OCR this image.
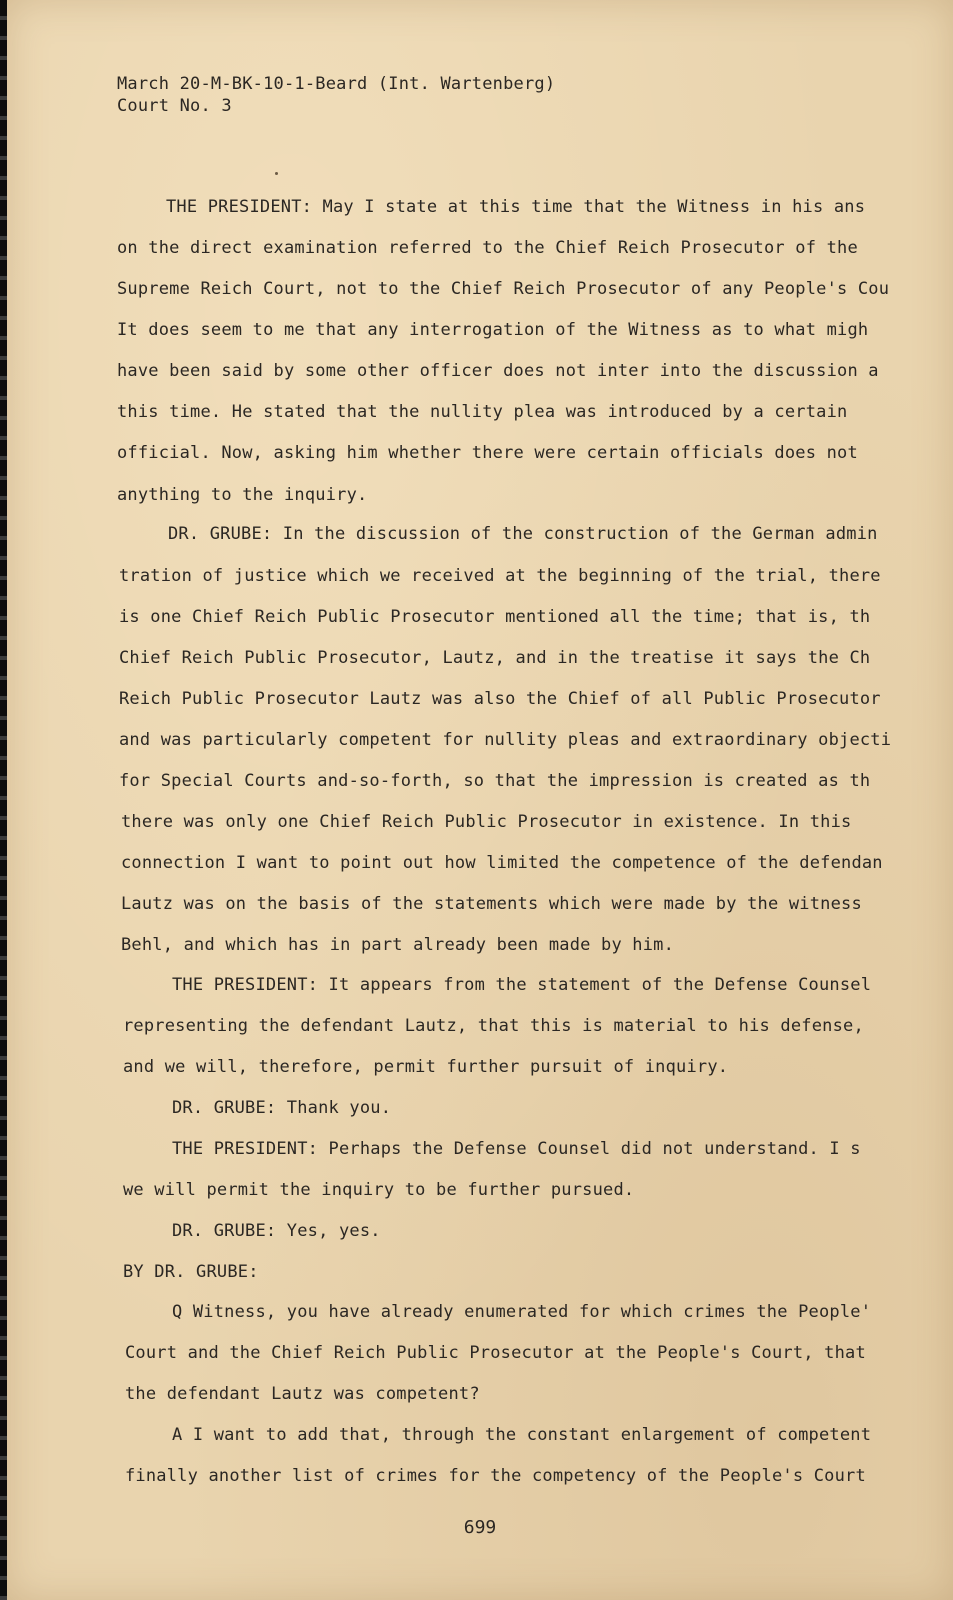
March 20-M-BK-10-1-Beard (Int. Wartenberg)
Court No. 3
THE PRESIDENT: May I state at this time that the Witness in his ans
on the direct examination referred to the Chief Reich Prosecutor of the
Supreme Reich Court, not to the Chief Reich Prosecutor of any People's Cou
It does seem to me that any interrogation of the Witness as to what migh
have been said by some other officer does not inter into the discussion a
this time. He stated that the nullity plea was introduced by a certain
official. Now, asking him whether there were certain officials does not
anything to the inquiry.
DR. GRUBE: In the discussion of the construction of the German admin
tration of justice which we received at the beginning of the trial, there
is one Chief Reich Public Prosecutor mentioned all the time; that is, th
Chief Reich Public Prosecutor, Lautz, and in the treatise it says the Ch
Reich Public Prosecutor Lautz was also the Chief of all Public Prosecutor
and was particularly competent for nullity pleas and extraordinary objecti
for Special Courts and-so-forth, so that the impression is created as th
there was only one Chief Reich Public Prosecutor in existence. In this
connection I want to point out how limited the competence of the defendan
Lautz was on the basis of the statements which were made by the witness
Behl, and which has in part already been made by him.
THE PRESIDENT: It appears from the statement of the Defense Counsel
representing the defendant Lautz, that this is material to his defense,
and we will, therefore, permit further pursuit of inquiry.
DR. GRUBE: Thank you.
THE PRESIDENT: Perhaps the Defense Counsel did not understand. I s
we will permit the inquiry to be further pursued.
DR. GRUBE: Yes, yes.
BY DR. GRUBE:
Q Witness, you have already enumerated for which crimes the People'
Court and the Chief Reich Public Prosecutor at the People's Court, that
the defendant Lautz was competent?
A I want to add that, through the constant enlargement of competent
finally another list of crimes for the competency of the People's Court
699
